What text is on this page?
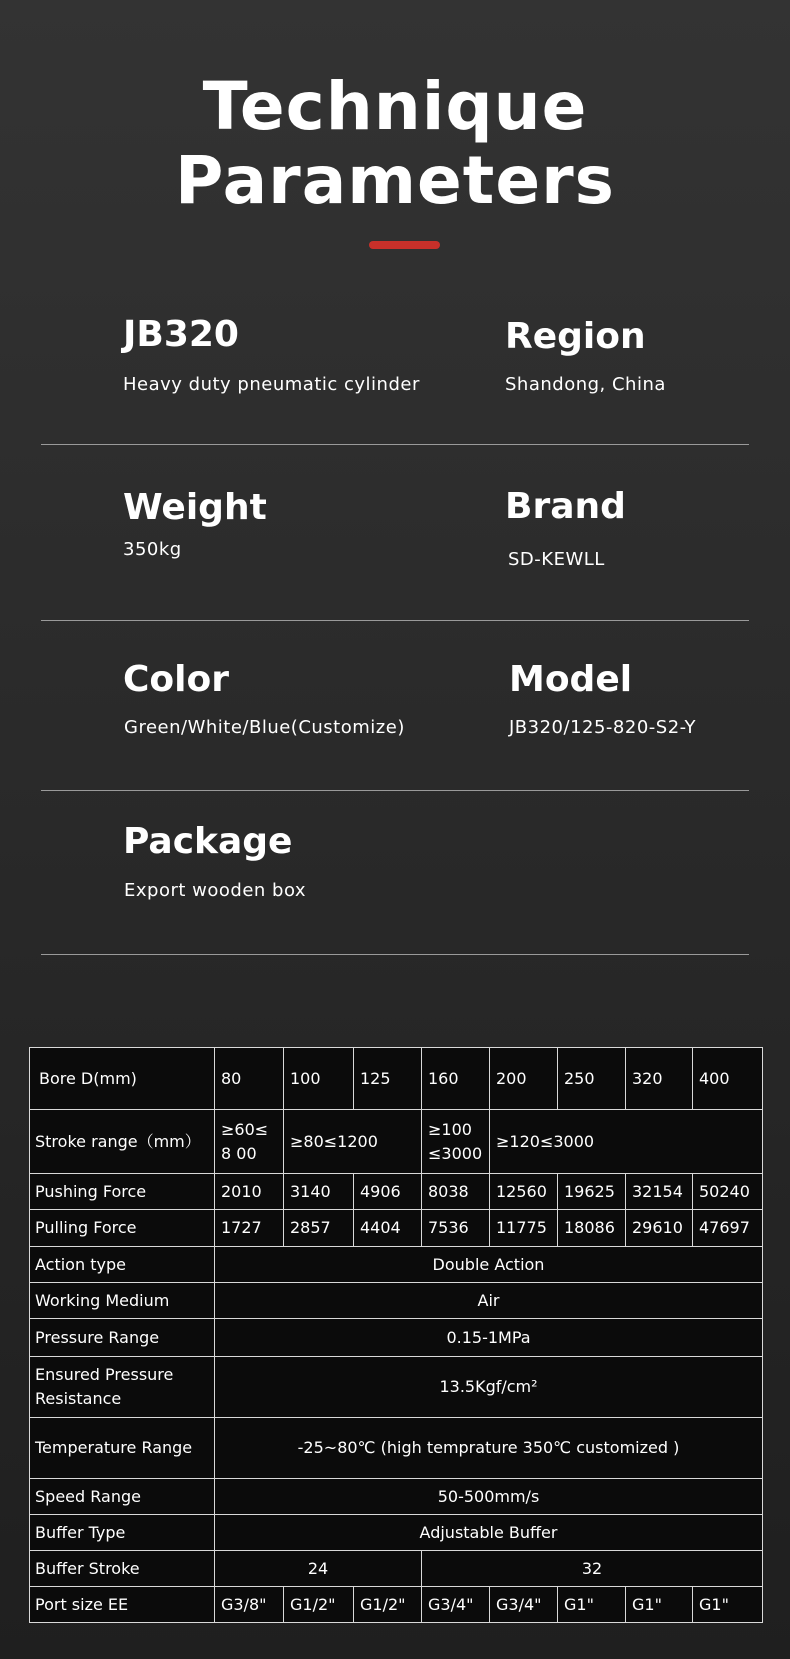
Technique
Parameters
JB320
Heavy duty pneumatic cylinder
Region
Shandong, China
Weight
350kg
Brand
SD-KEWLL
Color
Green/White/Blue(Customize)
Model
JB320/125-820-S2-Y
Package
Export wooden box
Bore D(mm)	80	100	125	160	200	250	320	400
Stroke range（mm）	≥60≤8 00	≥80≤1200		≥100 ≤3000	≥120≤3000			
Pushing Force	2010	3140	4906	8038	12560	19625	32154	50240
Pulling Force	1727	2857	4404	7536	11775	18086	29610	47697
Action type	Double Action							
Working Medium	Air							
Pressure Range	0.15-1MPa							
Ensured Pressure Resistance	13.5Kgf/cm²							
Temperature Range	-25~80℃ (high temprature 350℃ customized )							
Speed Range	50-500mm/s							
Buffer Type	Adjustable Buffer							
Buffer Stroke	24			32				
Port size EE	G3/8"	G1/2"	G1/2"	G3/4"	G3/4"	G1"	G1"	G1"
